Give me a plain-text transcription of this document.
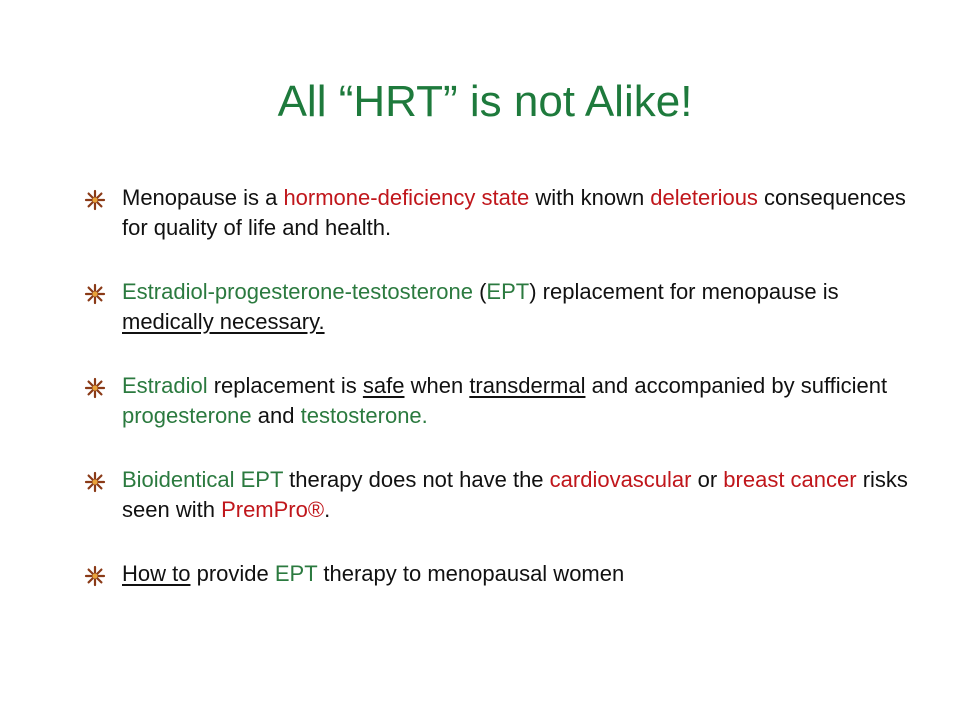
All “HRT” is not Alike!
Menopause is a hormone-deficiency state with known deleterious consequences for quality of life and health.
Estradiol-progesterone-testosterone (EPT) replacement for menopause is medically necessary.
Estradiol replacement is safe when transdermal and accompanied by sufficient progesterone and testosterone.
Bioidentical EPT therapy does not have the cardiovascular or breast cancer risks seen with PremPro®.
How to provide EPT therapy to menopausal women
